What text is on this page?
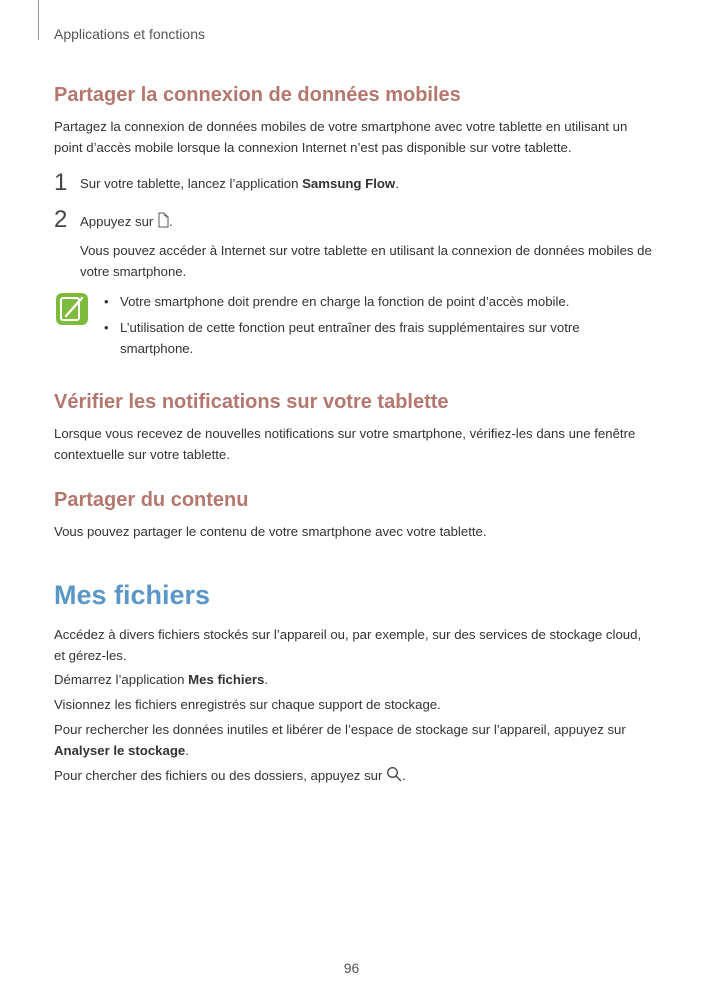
Applications et fonctions
Partager la connexion de données mobiles

Partagez la connexion de données mobiles de votre smartphone avec votre tablette en utilisant un point d’accès mobile lorsque la connexion Internet n’est pas disponible sur votre tablette.

1 Sur votre tablette, lancez l’application Samsung Flow.
2 Appuyez sur .
Vous pouvez accéder à Internet sur votre tablette en utilisant la connexion de données mobiles de votre smartphone.
• Votre smartphone doit prendre en charge la fonction de point d’accès mobile.
• L’utilisation de cette fonction peut entraîner des frais supplémentaires sur votre smartphone.
Vérifier les notifications sur votre tablette

Lorsque vous recevez de nouvelles notifications sur votre smartphone, vérifiez-les dans une fenêtre contextuelle sur votre tablette.

Partager du contenu

Vous pouvez partager le contenu de votre smartphone avec votre tablette.

Mes fichiers

Accédez à divers fichiers stockés sur l’appareil ou, par exemple, sur des services de stockage cloud, et gérez-les.

Démarrez l’application Mes fichiers.

Visionnez les fichiers enregistrés sur chaque support de stockage.

Pour rechercher les données inutiles et libérer de l’espace de stockage sur l’appareil, appuyez sur Analyser le stockage.

Pour chercher des fichiers ou des dossiers, appuyez sur .

96
